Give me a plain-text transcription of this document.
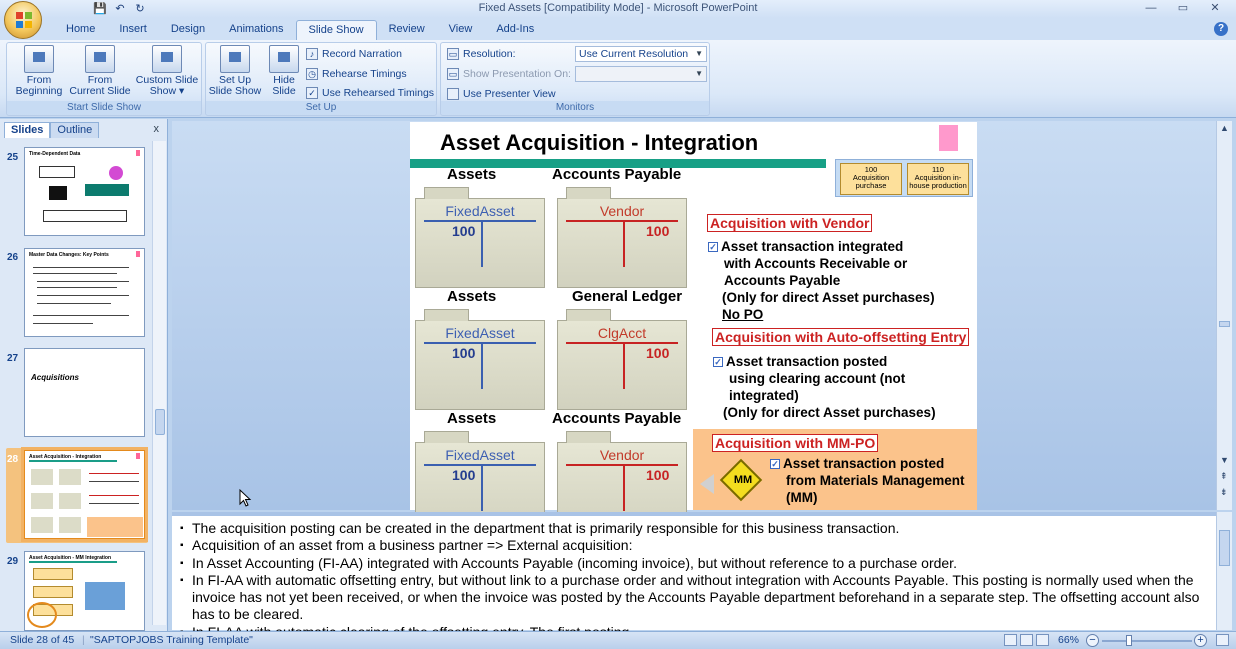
💾 ↶ ↻	Fixed Assets [Compatibility Mode] - Microsoft PowerPoint	—	▭	✕
Home	Insert	Design	Animations	Slide Show	Review	View	Add-Ins	?
From Beginning
From Current Slide
Custom Slide Show ▾
Start Slide Show
Set Up Slide Show
Hide Slide
♪ Record Narration
◷ Rehearse Timings
✓ Use Rehearsed Timings
Set Up
▭ Resolution:	Use Current Resolution ▼
▭ Show Presentation On:	▼
Use Presenter View
Monitors
Slides	Outline	x
25 Time-Dependent Data
26 Master Data Changes: Key Points
27
Acquisitions
28 Asset Acquisition - Integration
29 Asset Acquisition - MM Integration
Asset Acquisition - Integration
100
Acquisition purchase
110
Acquisition in-house production
Assets	Accounts Payable
FixedAsset
100
Vendor
100
Assets	General Ledger
FixedAsset
100
ClgAcct
100
Assets	Accounts Payable
FixedAsset
100
Vendor
100
Acquisition with Vendor
✓ Asset transaction integrated
with Accounts Receivable or
Accounts Payable
(Only for direct Asset purchases)
No PO
Acquisition with Auto-offsetting Entry
✓ Asset transaction posted
using clearing account (not
integrated)
(Only for direct Asset purchases)
Acquisition with MM-PO
MM
✓ Asset transaction posted
from Materials Management
(MM)
▲
▼
⇞
⇟
▪ The acquisition posting can be created in the department that is primarily responsible for this business transaction.
▪ Acquisition of an asset from a business partner => External acquisition:
▪ In Asset Accounting (FI-AA) integrated with Accounts Payable (incoming invoice), but without reference to a purchase order.
▪ In FI-AA with automatic offsetting entry, but without link to a purchase order and without integration with Accounts Payable. This posting is normally used when the invoice has not yet been received, or when the invoice was posted by the Accounts Payable department beforehand in a separate step. The offsetting account also has to be cleared.
▪
Slide 28 of 45 | "SAPTOPJOBS Training Template"	66% −	+
